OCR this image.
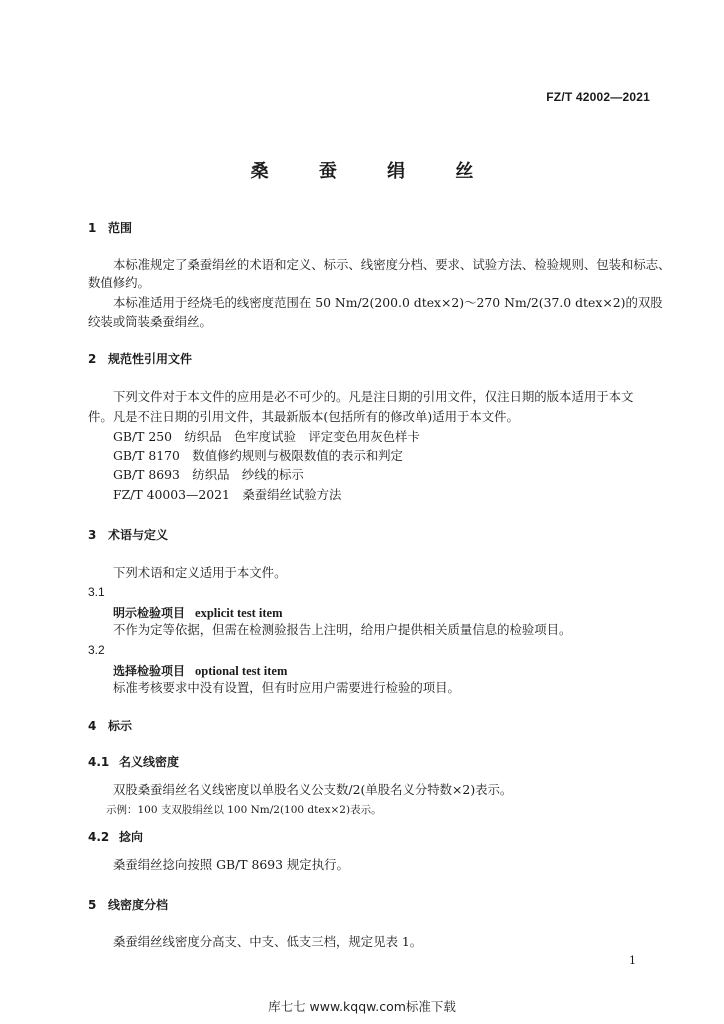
FZ/T 42002—2021
桑 蚕 绢 丝
1 范围
本标准规定了桑蚕绢丝的术语和定义、标示、线密度分档、要求、试验方法、检验规则、包装和标志、
数值修约。
本标准适用于经烧毛的线密度范围在 50 Nm/2(200.0 dtex×2)～270 Nm/2(37.0 dtex×2)的双股
绞装或筒装桑蚕绢丝。
2 规范性引用文件
下列文件对于本文件的应用是必不可少的。凡是注日期的引用文件，仅注日期的版本适用于本文
件。凡是不注日期的引用文件，其最新版本(包括所有的修改单)适用于本文件。
GB/T 250　纺织品　色牢度试验　评定变色用灰色样卡
GB/T 8170　数值修约规则与极限数值的表示和判定
GB/T 8693　纺织品　纱线的标示
FZ/T 40003—2021　桑蚕绢丝试验方法
3 术语与定义
下列术语和定义适用于本文件。
3.1
明示检验项目 explicit test item
不作为定等依据，但需在检测验报告上注明，给用户提供相关质量信息的检验项目。
3.2
选择检验项目 optional test item
标准考核要求中没有设置，但有时应用户需要进行检验的项目。
4 标示
4.1 名义线密度
双股桑蚕绢丝名义线密度以单股名义公支数/2(单股名义分特数×2)表示。
示例：100 支双股绢丝以 100 Nm/2(100 dtex×2)表示。
4.2 捻向
桑蚕绢丝捻向按照 GB/T 8693 规定执行。
5 线密度分档
桑蚕绢丝线密度分高支、中支、低支三档，规定见表 1。
1
库七七 www.kqqw.com标准下载
